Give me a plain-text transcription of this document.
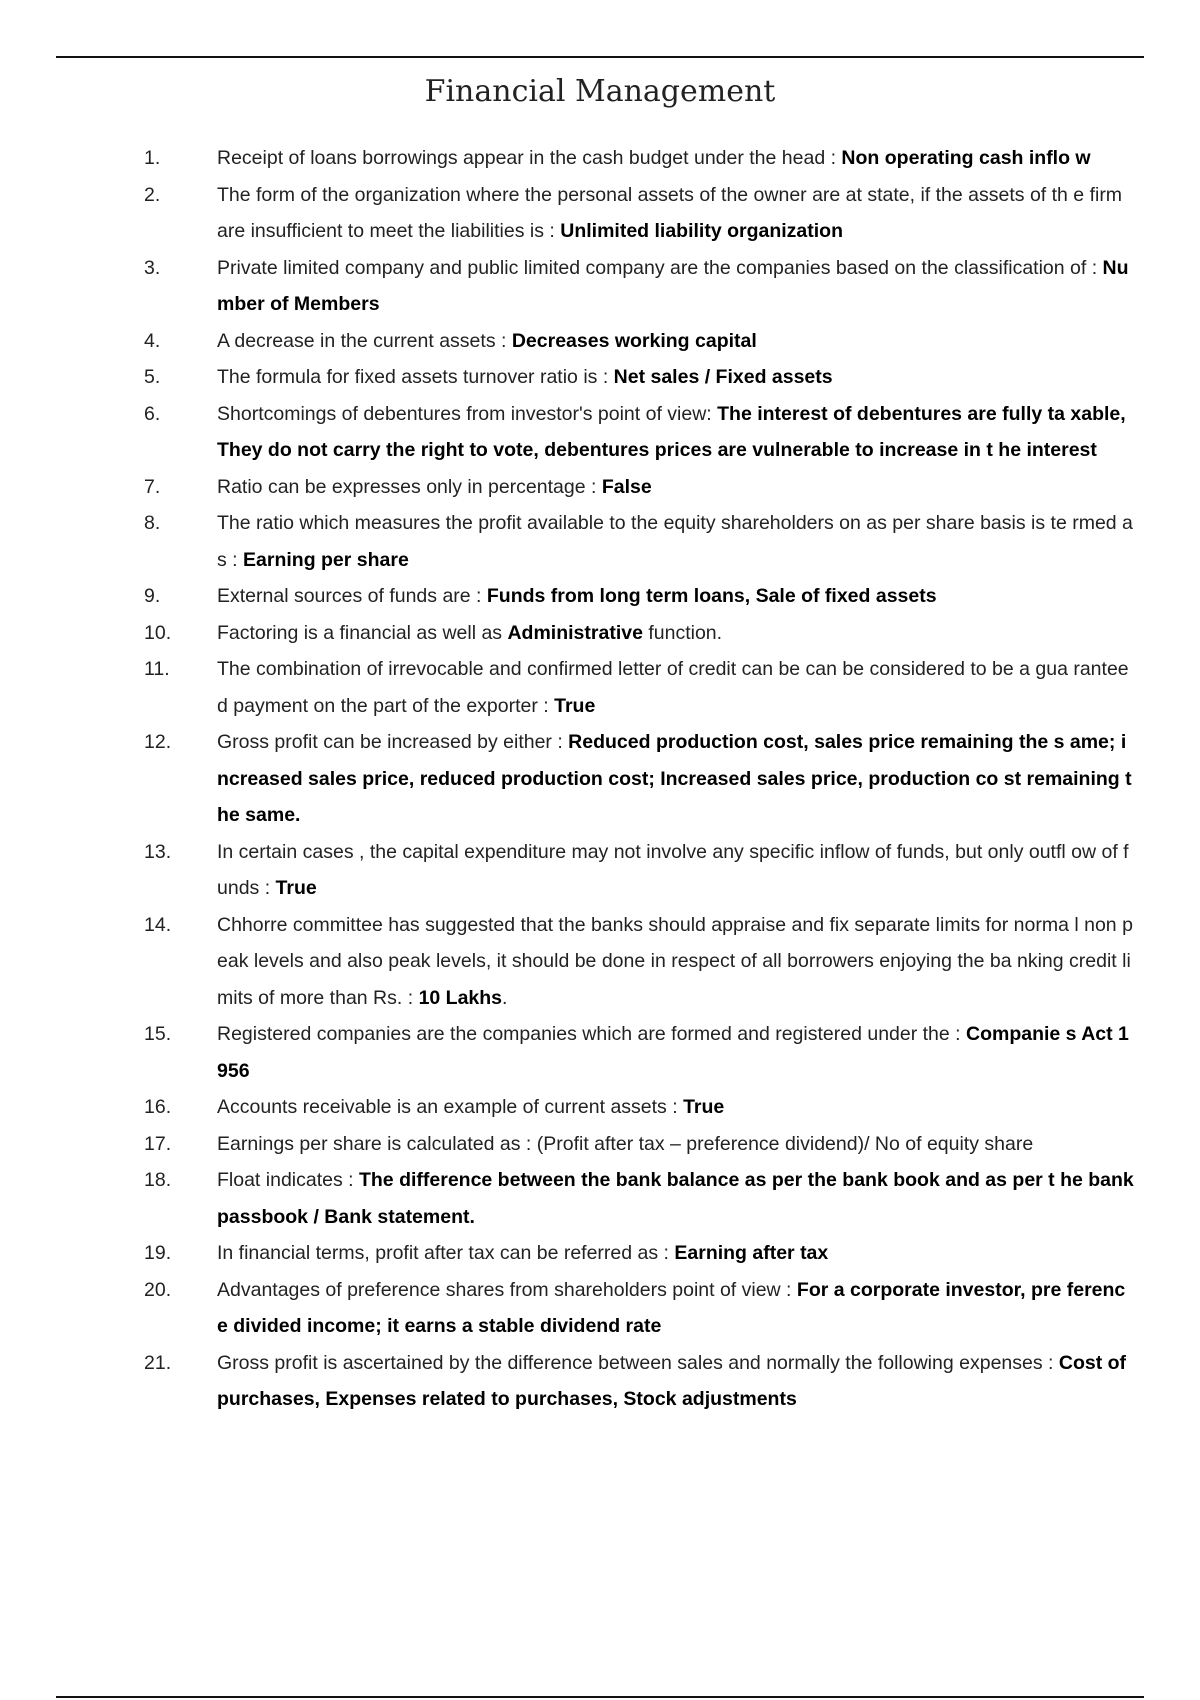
Financial Management
1.	Receipt of loans borrowings appear in the cash budget under the head : Non operating cash inflo w
2.	The form of the organization where the personal assets of the owner are at state, if the assets of th e firm are insufficient to meet the liabilities is : Unlimited liability organization
3.	Private limited company and public limited company are the companies based on the classification of : Number of Members
4.	A decrease in the current assets : Decreases working capital
5.	The formula for fixed assets turnover ratio is : Net sales / Fixed assets
6.	Shortcomings of debentures from investor's point of view: The interest of debentures are fully ta xable, They do not carry the right to vote, debentures prices are vulnerable to increase in t he interest
7.	Ratio can be expresses only in percentage : False
8.	The ratio which measures the profit available to the equity shareholders on as per share basis is te rmed as : Earning per share
9.	External sources of funds are : Funds from long term loans, Sale of fixed assets
10.	Factoring is a financial as well as Administrative function.
11.	The combination of irrevocable and confirmed letter of credit can be can be considered to be a gua ranteed payment on the part of the exporter : True
12.	Gross profit can be increased by either : Reduced production cost, sales price remaining the s ame; increased sales price, reduced production cost; Increased sales price, production co st remaining the same.
13.	In certain cases , the capital expenditure may not involve any specific inflow of funds, but only outfl ow of funds : True
14.	Chhorre committee has suggested that the banks should appraise and fix separate limits for norma l non peak levels and also peak levels, it should be done in respect of all borrowers enjoying the ba nking credit limits of more than Rs. : 10 Lakhs.
15.	Registered companies are the companies which are formed and registered under the : Companie s Act 1956
16.	Accounts receivable is an example of current assets : True
17.	Earnings per share is calculated as : (Profit after tax – preference dividend)/ No of equity share
18.	Float indicates : The difference between the bank balance as per the bank book and as per t he bank passbook / Bank statement.
19.	In financial terms, profit after tax can be referred as : Earning after tax
20.	Advantages of preference shares from shareholders point of view : For a corporate investor, pre ference divided income; it earns a stable dividend rate
21.	Gross profit is ascertained by the difference between sales and normally the following expenses : Cost of purchases, Expenses related to purchases, Stock adjustments
